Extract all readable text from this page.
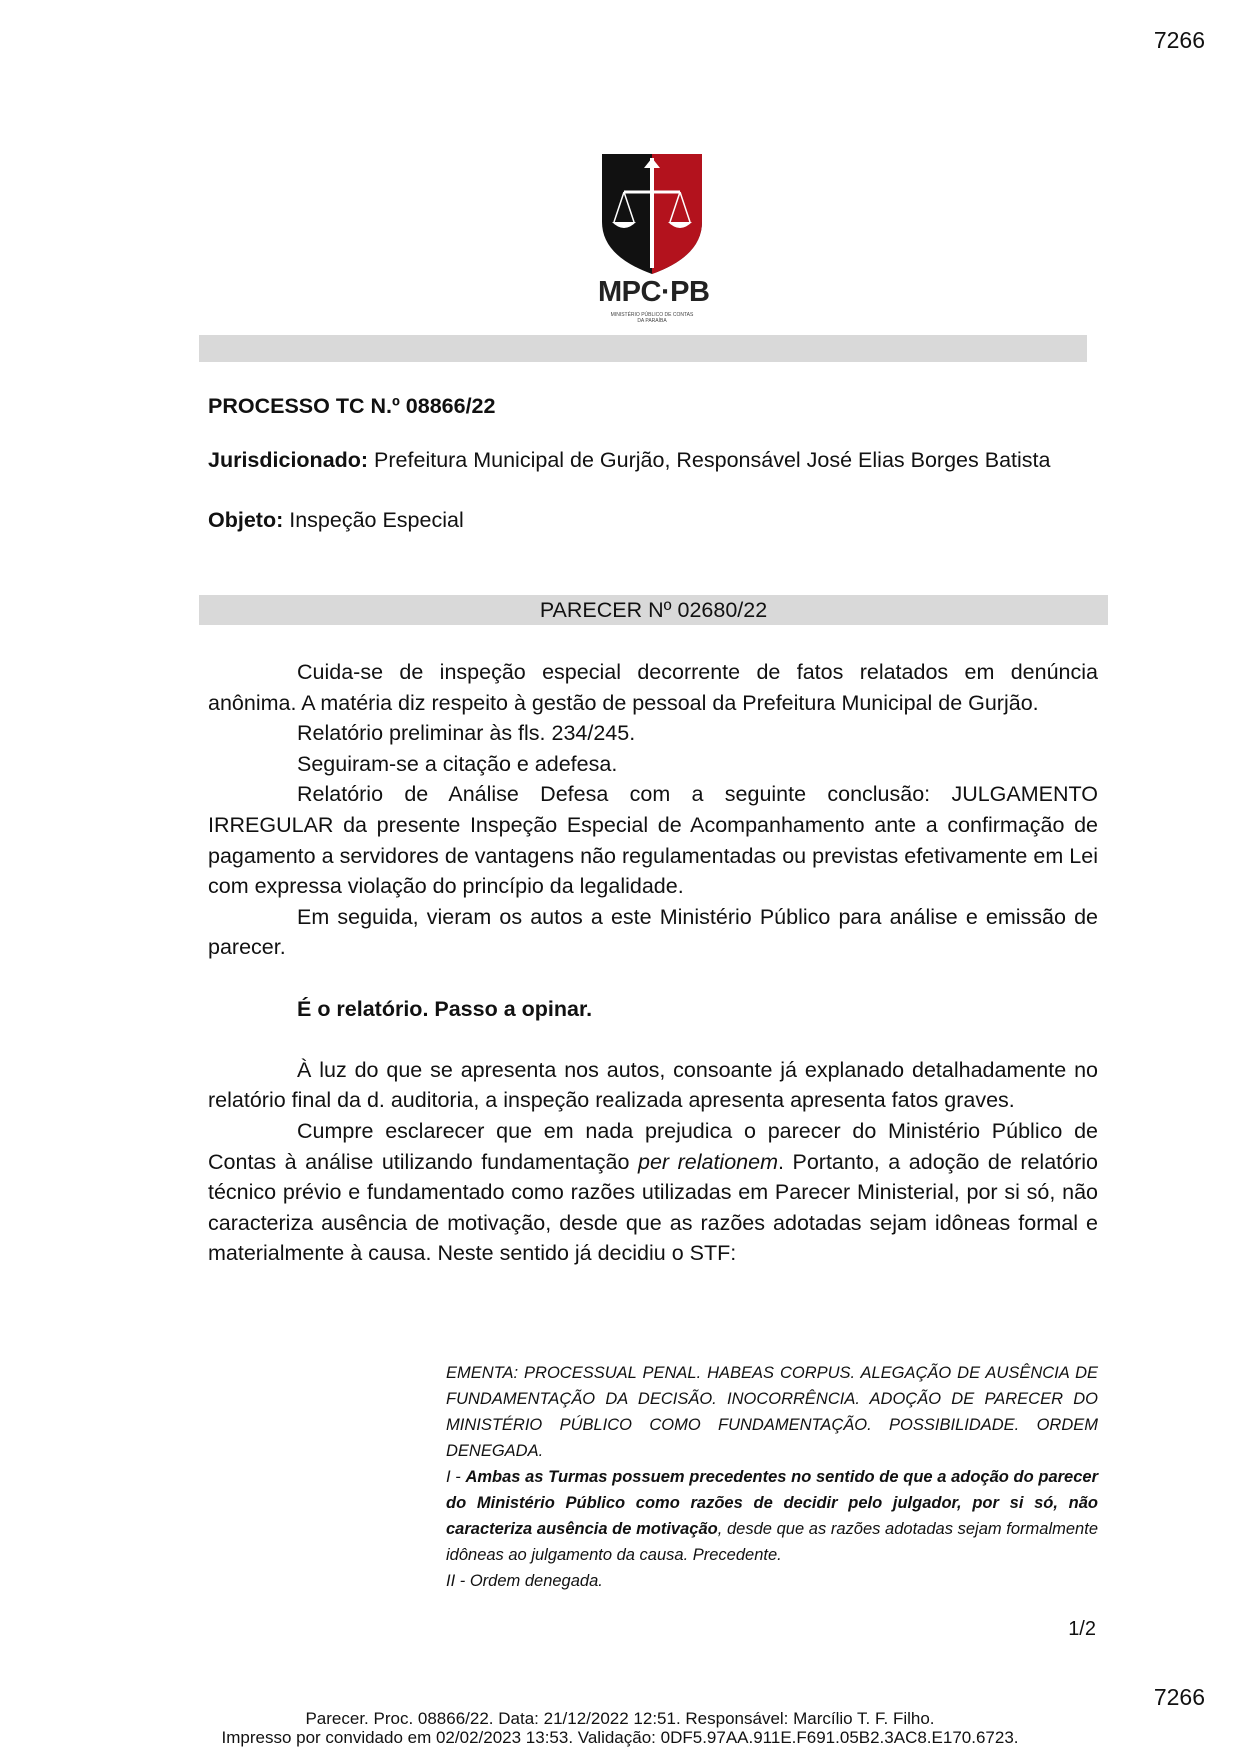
7266
MPC·PB
MINISTÉRIO PÚBLICO DE CONTAS
DA PARAÍBA
PROCESSO TC N.º 08866/22
Jurisdicionado: Prefeitura Municipal de Gurjão, Responsável José Elias Borges Batista
Objeto: Inspeção Especial
PARECER Nº 02680/22

Cuida-se de inspeção especial decorrente de fatos relatados em denúncia anônima. A matéria diz respeito à gestão de pessoal da Prefeitura Municipal de Gurjão.

Relatório preliminar às fls. 234/245.

Seguiram-se a citação e adefesa.

Relatório de Análise Defesa com a seguinte conclusão: JULGAMENTO IRREGULAR da presente Inspeção Especial de Acompanhamento ante a confirmação de pagamento a servidores de vantagens não regulamentadas ou previstas efetivamente em Lei com expressa violação do princípio da legalidade.

Em seguida, vieram os autos a este Ministério Público para análise e emissão de parecer.

É o relatório. Passo a opinar.

À luz do que se apresenta nos autos, consoante já explanado detalhadamente no relatório final da d. auditoria, a inspeção realizada apresenta apresenta fatos graves.

Cumpre esclarecer que em nada prejudica o parecer do Ministério Público de Contas à análise utilizando fundamentação per relationem. Portanto, a adoção de relatório técnico prévio e fundamentado como razões utilizadas em Parecer Ministerial, por si só, não caracteriza ausência de motivação, desde que as razões adotadas sejam idôneas formal e materialmente à causa. Neste sentido já decidiu o STF:

EMENTA: PROCESSUAL PENAL. HABEAS CORPUS. ALEGAÇÃO DE AUSÊNCIA DE FUNDAMENTAÇÃO DA DECISÃO. INOCORRÊNCIA. ADOÇÃO DE PARECER DO MINISTÉRIO PÚBLICO COMO FUNDAMENTAÇÃO. POSSIBILIDADE. ORDEM DENEGADA.

I - Ambas as Turmas possuem precedentes no sentido de que a adoção do parecer do Ministério Público como razões de decidir pelo julgador, por si só, não caracteriza ausência de motivação, desde que as razões adotadas sejam formalmente idôneas ao julgamento da causa. Precedente.

II - Ordem denegada.

1/2
7266
Parecer. Proc. 08866/22. Data: 21/12/2022 12:51. Responsável: Marcílio T. F. Filho.
Impresso por convidado em 02/02/2023 13:53. Validação: 0DF5.97AA.911E.F691.05B2.3AC8.E170.6723.
